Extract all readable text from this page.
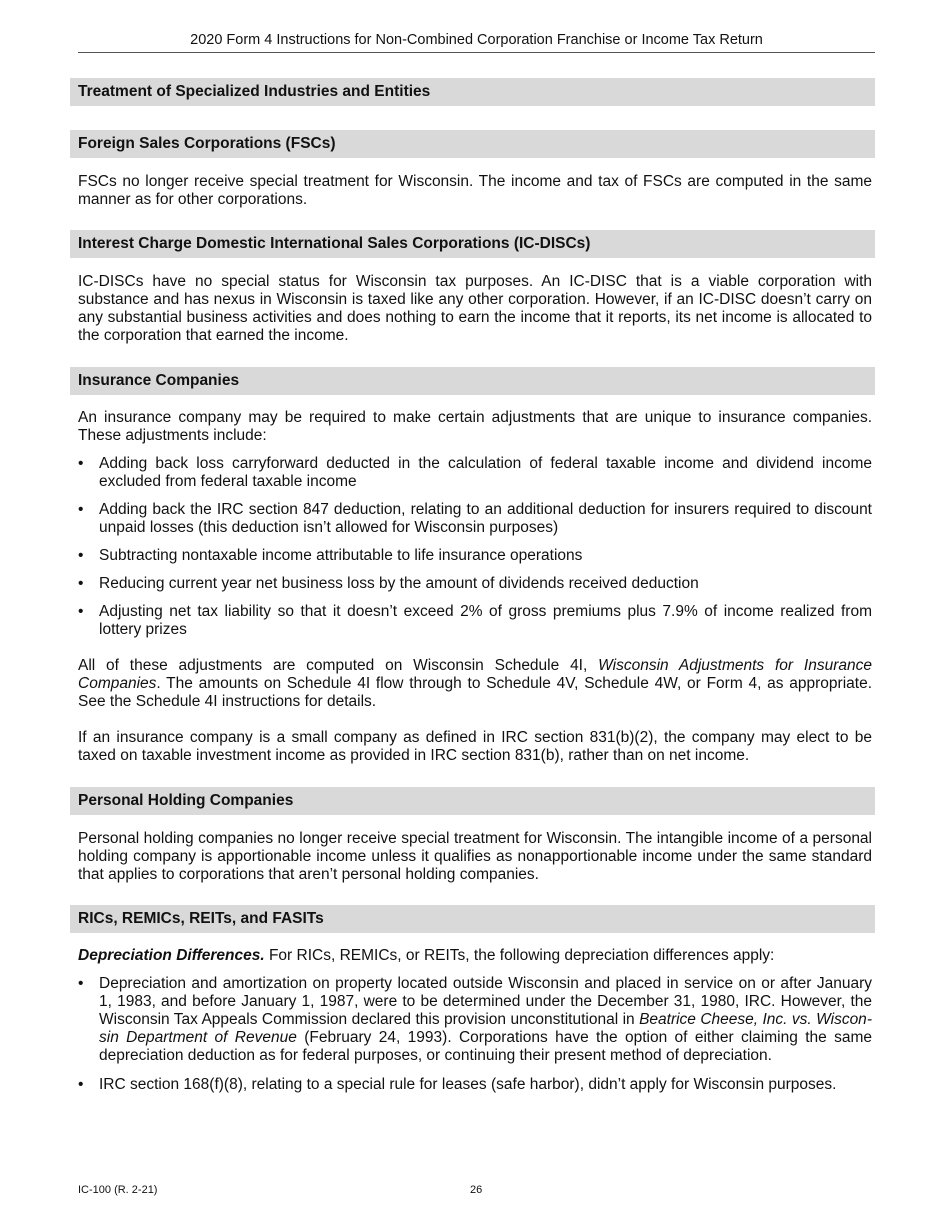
2020 Form 4 Instructions for Non-Combined Corporation Franchise or Income Tax Return
Treatment of Specialized Industries and Entities
Foreign Sales Corporations (FSCs)

FSCs no longer receive special treatment for Wisconsin. The income and tax of FSCs are computed in the same manner as for other corporations.

Interest Charge Domestic International Sales Corporations (IC-DISCs)

IC-DISCs have no special status for Wisconsin tax purposes. An IC-DISC that is a viable corporation with substance and has nexus in Wisconsin is taxed like any other corporation. However, if an IC-DISC doesn’t carry on any substantial business activities and does nothing to earn the income that it reports, its net income is allocated to the corporation that earned the income.

Insurance Companies

An insurance company may be required to make certain adjustments that are unique to insurance companies. These adjustments include:

• Adding back loss carryforward deducted in the calculation of federal taxable income and dividend income excluded from federal taxable income
• Adding back the IRC section 847 deduction, relating to an additional deduction for insurers required to discount unpaid losses (this deduction isn’t allowed for Wisconsin purposes)
• Subtracting nontaxable income attributable to life insurance operations
• Reducing current year net business loss by the amount of dividends received deduction
• Adjusting net tax liability so that it doesn’t exceed 2% of gross premiums plus 7.9% of income realized from lottery prizes

All of these adjustments are computed on Wisconsin Schedule 4I, Wisconsin Adjustments for Insurance Companies. The amounts on Schedule 4I flow through to Schedule 4V, Schedule 4W, or Form 4, as appropriate. See the Schedule 4I instructions for details.

If an insurance company is a small company as defined in IRC section 831(b)(2), the company may elect to be taxed on taxable investment income as provided in IRC section 831(b), rather than on net income.

Personal Holding Companies

Personal holding companies no longer receive special treatment for Wisconsin. The intangible income of a personal holding company is apportionable income unless it qualifies as nonapportionable income under the same standard that applies to corporations that aren’t personal holding companies.

RICs, REMICs, REITs, and FASITs

Depreciation Differences. For RICs, REMICs, or REITs, the following depreciation differences apply:

• Depreciation and amortization on property located outside Wisconsin and placed in service on or after January 1, 1983, and before January 1, 1987, were to be determined under the December 31, 1980, IRC. However, the Wisconsin Tax Appeals Commission declared this provision unconstitutional in Beatrice Cheese, Inc. vs. Wisconsin Department of Revenue (February 24, 1993). Corporations have the option of either claiming the same depreciation deduction as for federal purposes, or continuing their present method of depreciation.
• IRC section 168(f)(8), relating to a special rule for leases (safe harbor), didn’t apply for Wisconsin purposes.
IC-100 (R. 2-21)	26
